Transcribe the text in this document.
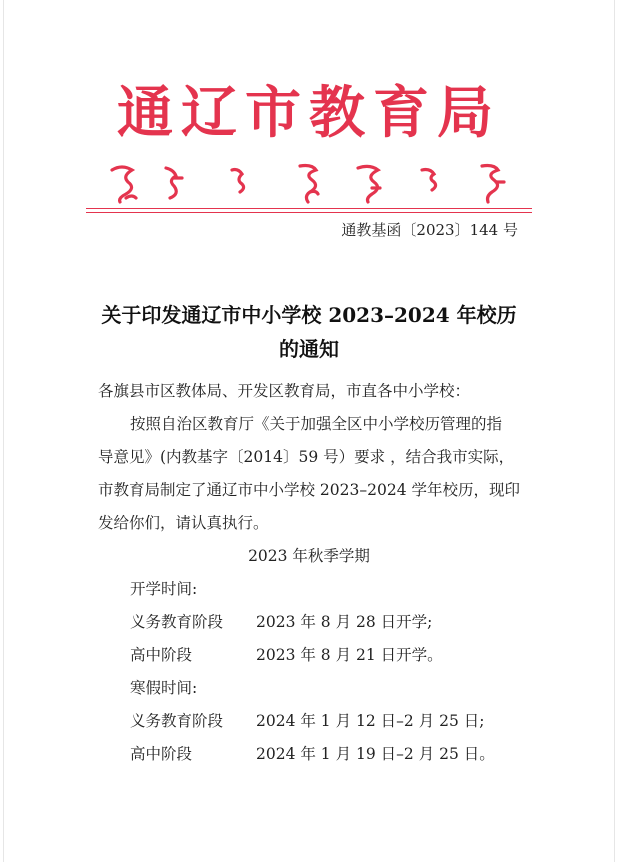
通辽市教育局
通教基函〔2023〕144 号
关于印发通辽市中小学校 2023–2024 年校历
的通知
各旗县市区教体局、开发区教育局，市直各中小学校：
按照自治区教育厅《关于加强全区中小学校历管理的指
导意见》(内教基字〔2014〕59 号）要求 ，结合我市实际，
市教育局制定了通辽市中小学校 2023–2024 学年校历，现印
发给你们，请认真执行。
2023 年秋季学期
开学时间:
义务教育阶段 2023 年 8 月 28 日开学;
高中阶段	2023 年 8 月 21 日开学。
寒假时间:
义务教育阶段 2024 年 1 月 12 日–2 月 25 日;
高中阶段	2024 年 1 月 19 日–2 月 25 日。
